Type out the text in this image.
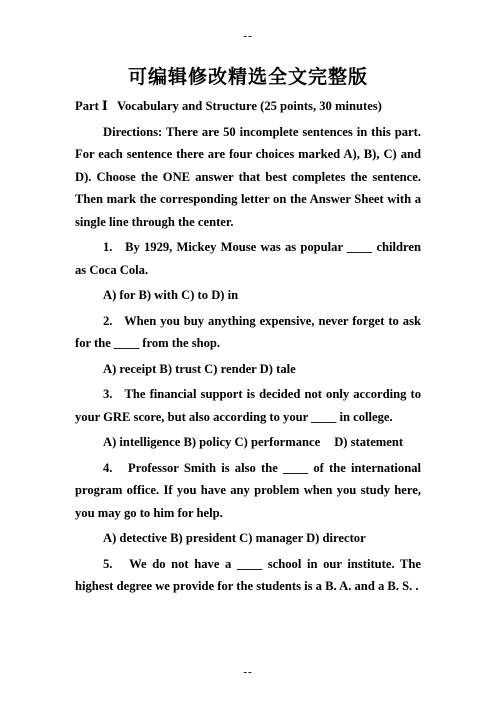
--
可编辑修改精选全文完整版

Part Ⅰ   Vocabulary and Structure (25 points, 30 minutes)

Directions: There are 50 incomplete sentences in this part. For each sentence there are four choices marked A), B), C) and D). Choose the ONE answer that best completes the sentence. Then mark the corresponding letter on the Answer Sheet with a single line through the center.

1.   By 1929, Mickey Mouse was as popular ____ children as Coca Cola.

A) for B) with C) to D) in

2.   When you buy anything expensive, never forget to ask for the ____ from the shop.

A) receipt B) trust C) render D) tale

3.   The financial support is decided not only according to your GRE score, but also according to your ____ in college.

A) intelligence B) policy C) performance D) statement

4.   Professor Smith is also the ____ of the international program office. If you have any problem when you study here, you may go to him for help.

A) detective B) president C) manager D) director

5.   We do not have a ____ school in our institute. The highest degree we provide for the students is a B. A. and a B. S. .

--
